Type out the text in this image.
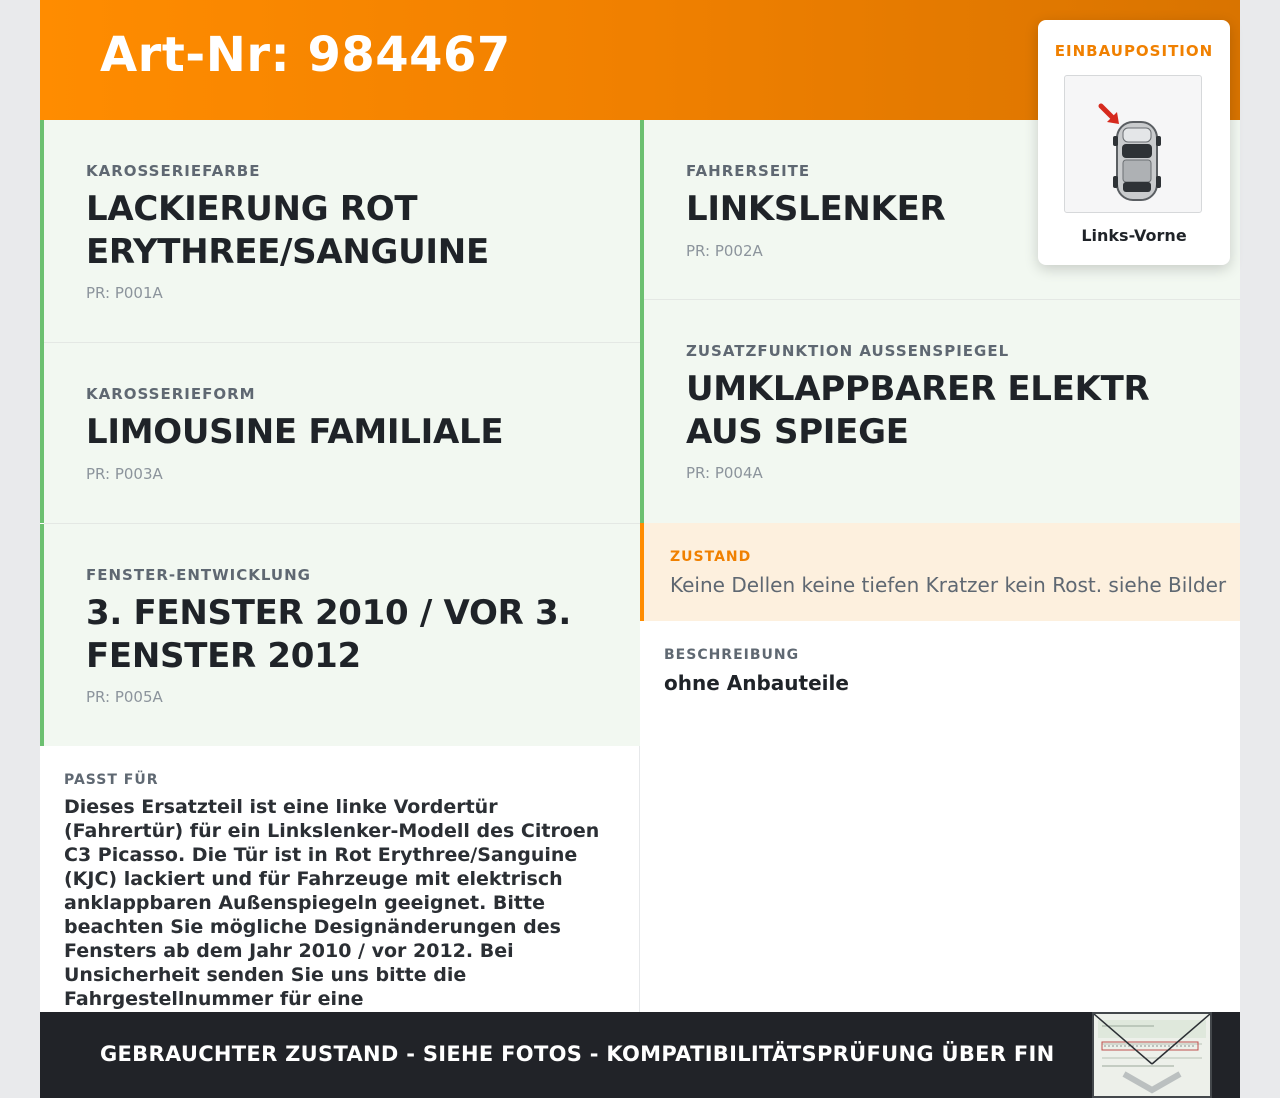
Art-Nr: 984467
KAROSSERIEFARBE
LACKIERUNG ROT ERYTHREE/SANGUINE
PR: P001A
KAROSSERIEFORM
LIMOUSINE FAMILIALE
PR: P003A
FENSTER-ENTWICKLUNG
3. FENSTER 2010 / VOR 3. FENSTER 2012
PR: P005A
FAHRERSEITE
LINKSLENKER
PR: P002A
ZUSATZFUNKTION AUSSENSPIEGEL
UMKLAPPBARER ELEKTR AUS SPIEGE
PR: P004A
ZUSTAND
Keine Dellen keine tiefen Kratzer kein Rost. siehe Bilder
BESCHREIBUNG
ohne Anbauteile
PASST FÜR
Dieses Ersatzteil ist eine linke Vordertür (Fahrertür) für ein Linkslenker-Modell des Citroen C3 Picasso. Die Tür ist in Rot Erythree/Sanguine (KJC) lackiert und für Fahrzeuge mit elektrisch anklappbaren Außenspiegeln geeignet. Bitte beachten Sie mögliche Designänderungen des Fensters ab dem Jahr 2010 / vor 2012. Bei Unsicherheit senden Sie uns bitte die Fahrgestellnummer für eine
GEBRAUCHTER ZUSTAND - SIEHE FOTOS - KOMPATIBILITÄTSPRÜFUNG ÜBER FIN
EINBAUPOSITION
Links-Vorne
